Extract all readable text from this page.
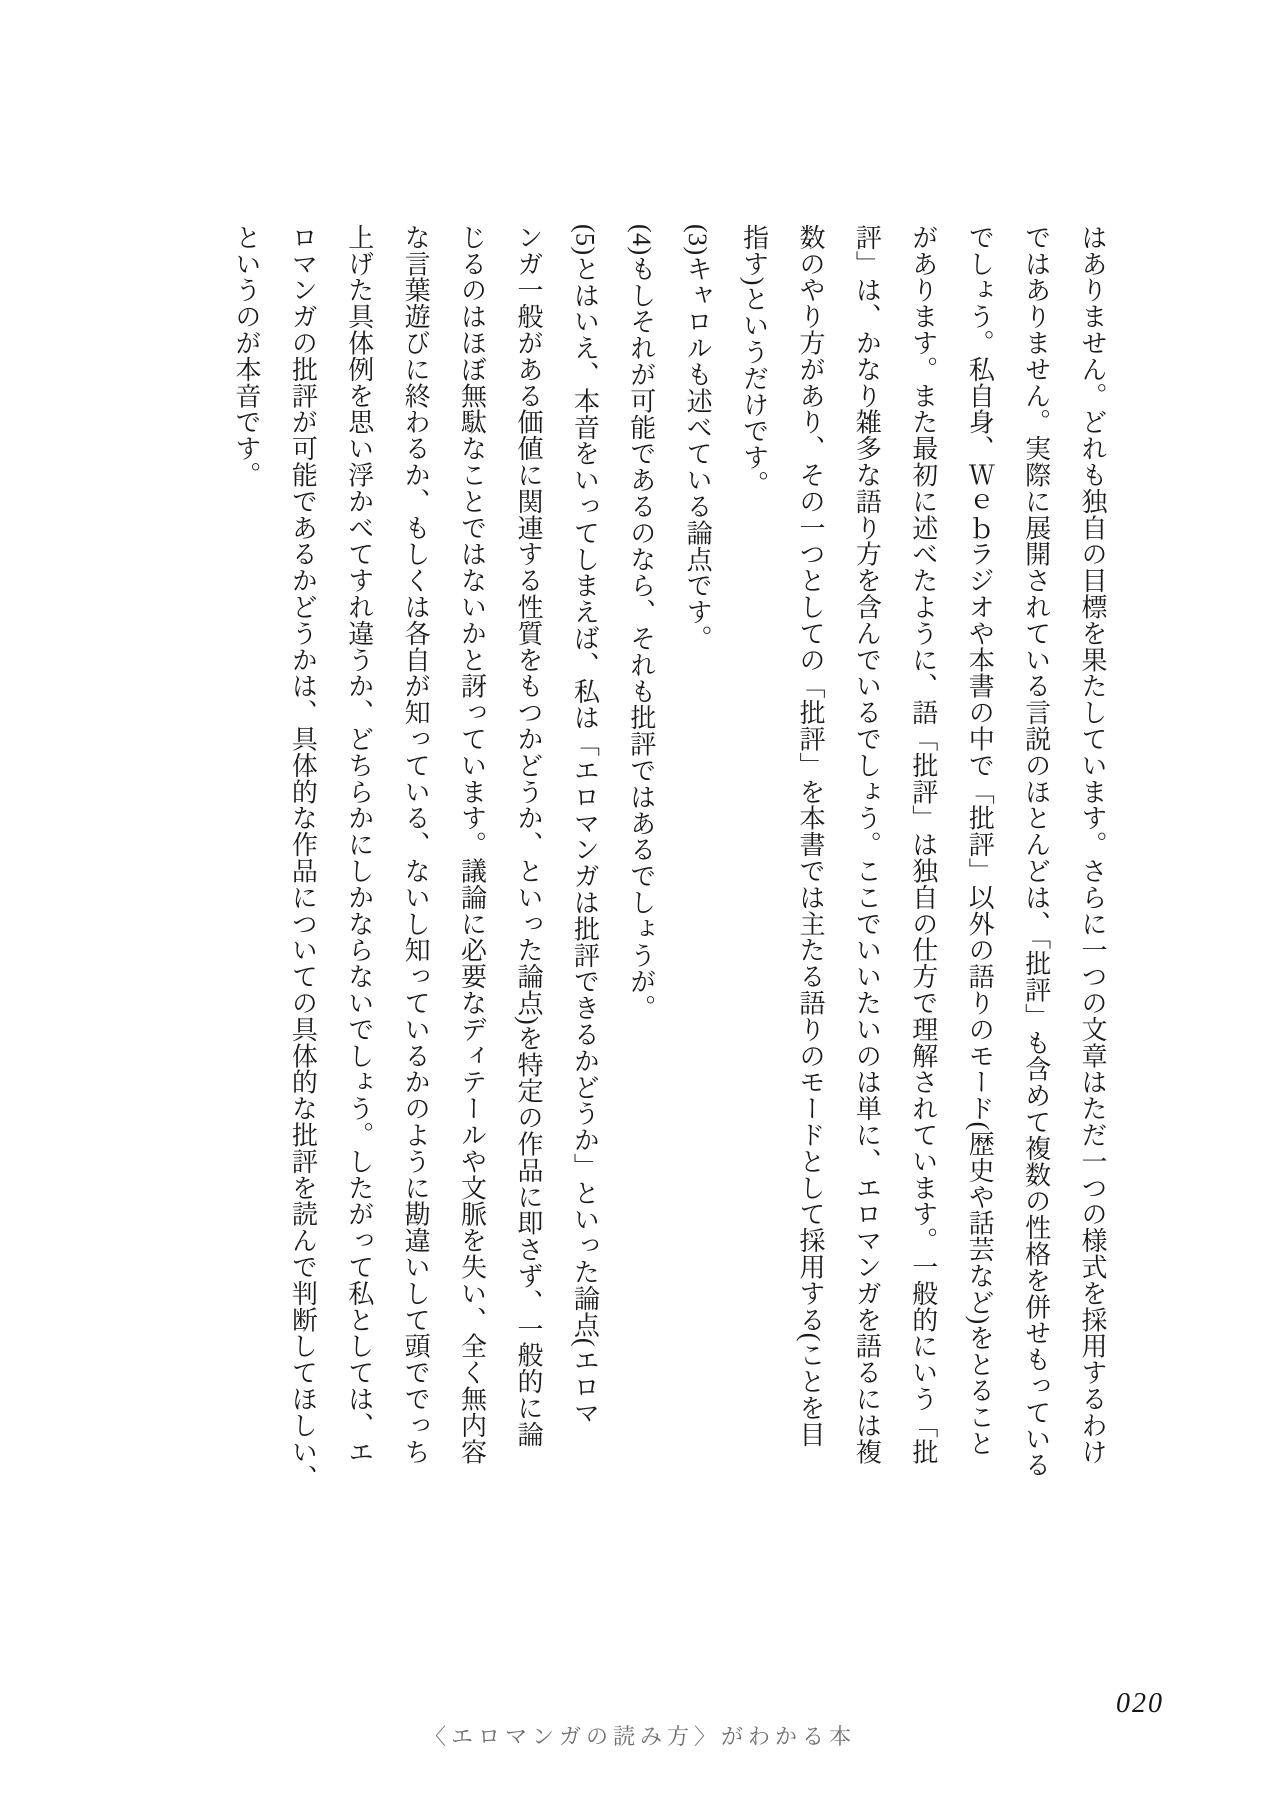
はありません。どれも独自の目標を果たしています。さらに一つの文章はただ一つの様式を採用するわけ

ではありません。実際に展開されている言説のほとんどは、「批評」も含めて複数の性格を併せもっている

でしょう。私自身、Ｗｅｂラジオや本書の中で「批評」以外の語りのモード(歴史や話芸など)をとること

があります。また最初に述べたように、語「批評」は独自の仕方で理解されています。一般的にいう「批

評」は、かなり雑多な語り方を含んでいるでしょう。ここでいいたいのは単に、エロマンガを語るには複

数のやり方があり、その一つとしての「批評」を本書では主たる語りのモードとして採用する(ことを目

指す)というだけです。

(3)キャロルも述べている論点です。

(4)もしそれが可能であるのなら、それも批評ではあるでしょうが。

(5)とはいえ、本音をいってしまえば、私は「エロマンガは批評できるかどうか」といった論点(エロマ

ンガ一般がある価値に関連する性質をもつかどうか、といった論点)を特定の作品に即さず、一般的に論

じるのはほぼ無駄なことではないかと訝っています。議論に必要なディテールや文脈を失い、全く無内容

な言葉遊びに終わるか、もしくは各自が知っている、ないし知っているかのように勘違いして頭ででっち

上げた具体例を思い浮かべてすれ違うか、どちらかにしかならないでしょう。したがって私としては、エ

ロマンガの批評が可能であるかどうかは、具体的な作品についての具体的な批評を読んで判断してほしい、

というのが本音です。

020
〈エロマンガの読み方〉がわかる本
